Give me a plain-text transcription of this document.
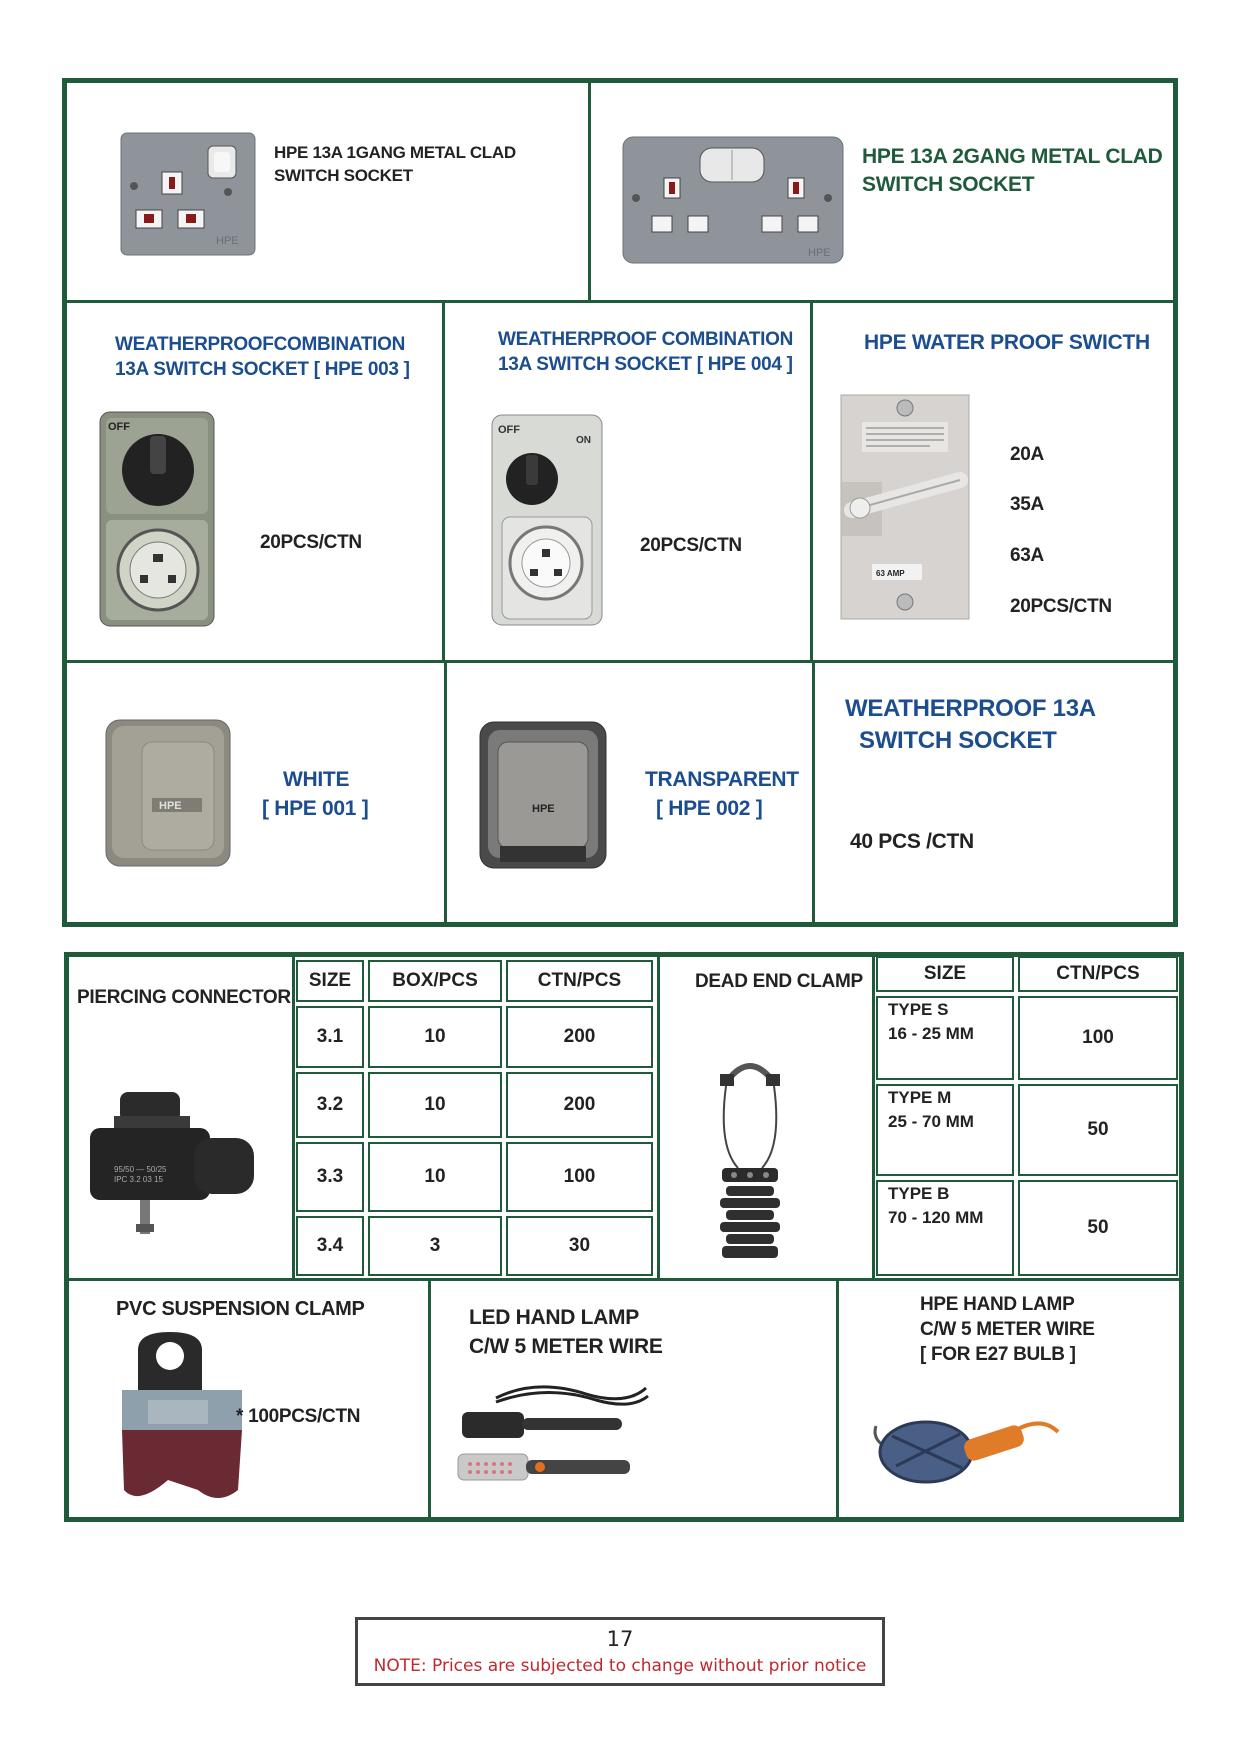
HPE
HPE 13A 1GANG METAL CLAD
SWITCH SOCKET
HPE
HPE 13A 2GANG METAL CLAD
SWITCH SOCKET
WEATHERPROOFCOMBINATION
13A SWITCH SOCKET [ HPE 003 ]
OFF
20PCS/CTN
WEATHERPROOF COMBINATION
13A SWITCH SOCKET [ HPE 004 ]
OFF
ON
20PCS/CTN
HPE WATER PROOF SWICTH
63 AMP
20A
35A
63A
20PCS/CTN
HPE
WHITE
[ HPE 001 ]	HPE
TRANSPARENT
[ HPE 002 ]
WEATHERPROOF 13A
SWITCH SOCKET
40 PCS /CTN
PIERCING CONNECTOR
95/50 — 50/25
IPC 3.2 03 15
SIZE	BOX/PCS	CTN/PCS
3.1	10	200
3.2	10	200
3.3	10	100
3.4	3	30
DEAD END CLAMP	SIZE	CTN/PCS
TYPE S
16 - 25 MM	100
TYPE M
25 - 70 MM	50
TYPE B
70 - 120 MM	50
PVC SUSPENSION CLAMP
* 100PCS/CTN
LED HAND LAMP
C/W 5 METER WIRE
HPE HAND LAMP
C/W 5 METER WIRE
[ FOR E27 BULB ]
17
NOTE: Prices are subjected to change without prior notice
